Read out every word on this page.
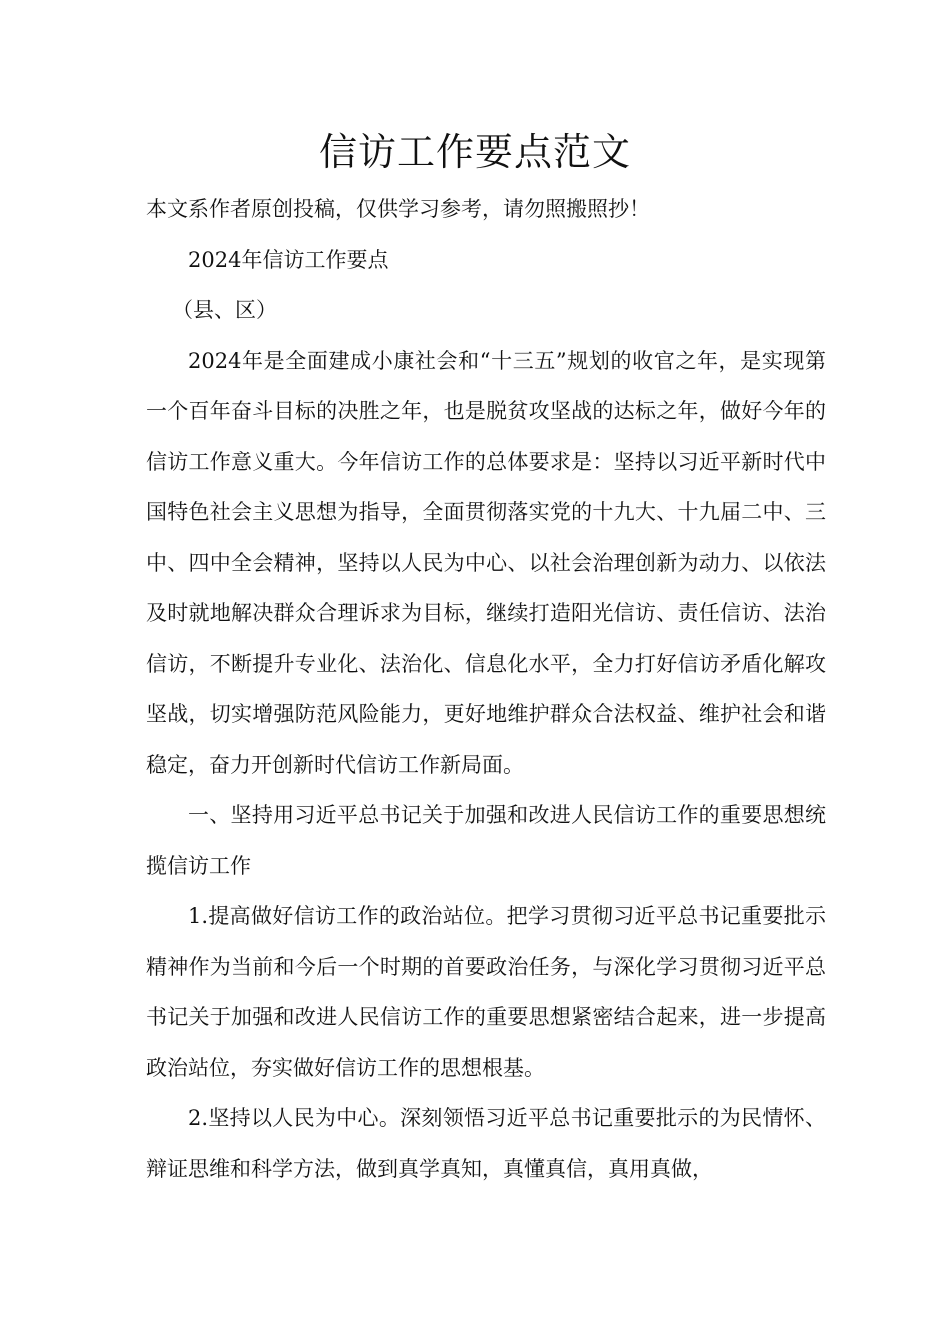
信访工作要点范文

本文系作者原创投稿，仅供学习参考，请勿照搬照抄！

2024年信访工作要点

（县、区）

2024年是全面建成小康社会和“十三五”规划的收官之年，是实现第一个百年奋斗目标的决胜之年，也是脱贫攻坚战的达标之年，做好今年的信访工作意义重大。今年信访工作的总体要求是：坚持以习近平新时代中国特色社会主义思想为指导，全面贯彻落实党的十九大、十九届二中、三中、四中全会精神，坚持以人民为中心、以社会治理创新为动力、以依法及时就地解决群众合理诉求为目标，继续打造阳光信访、责任信访、法治信访，不断提升专业化、法治化、信息化水平，全力打好信访矛盾化解攻坚战，切实增强防范风险能力，更好地维护群众合法权益、维护社会和谐稳定，奋力开创新时代信访工作新局面。

一、坚持用习近平总书记关于加强和改进人民信访工作的重要思想统揽信访工作

1.提高做好信访工作的政治站位。把学习贯彻习近平总书记重要批示精神作为当前和今后一个时期的首要政治任务，与深化学习贯彻习近平总书记关于加强和改进人民信访工作的重要思想紧密结合起来，进一步提高政治站位，夯实做好信访工作的思想根基。

2.坚持以人民为中心。深刻领悟习近平总书记重要批示的为民情怀、辩证思维和科学方法，做到真学真知，真懂真信，真用真做，
